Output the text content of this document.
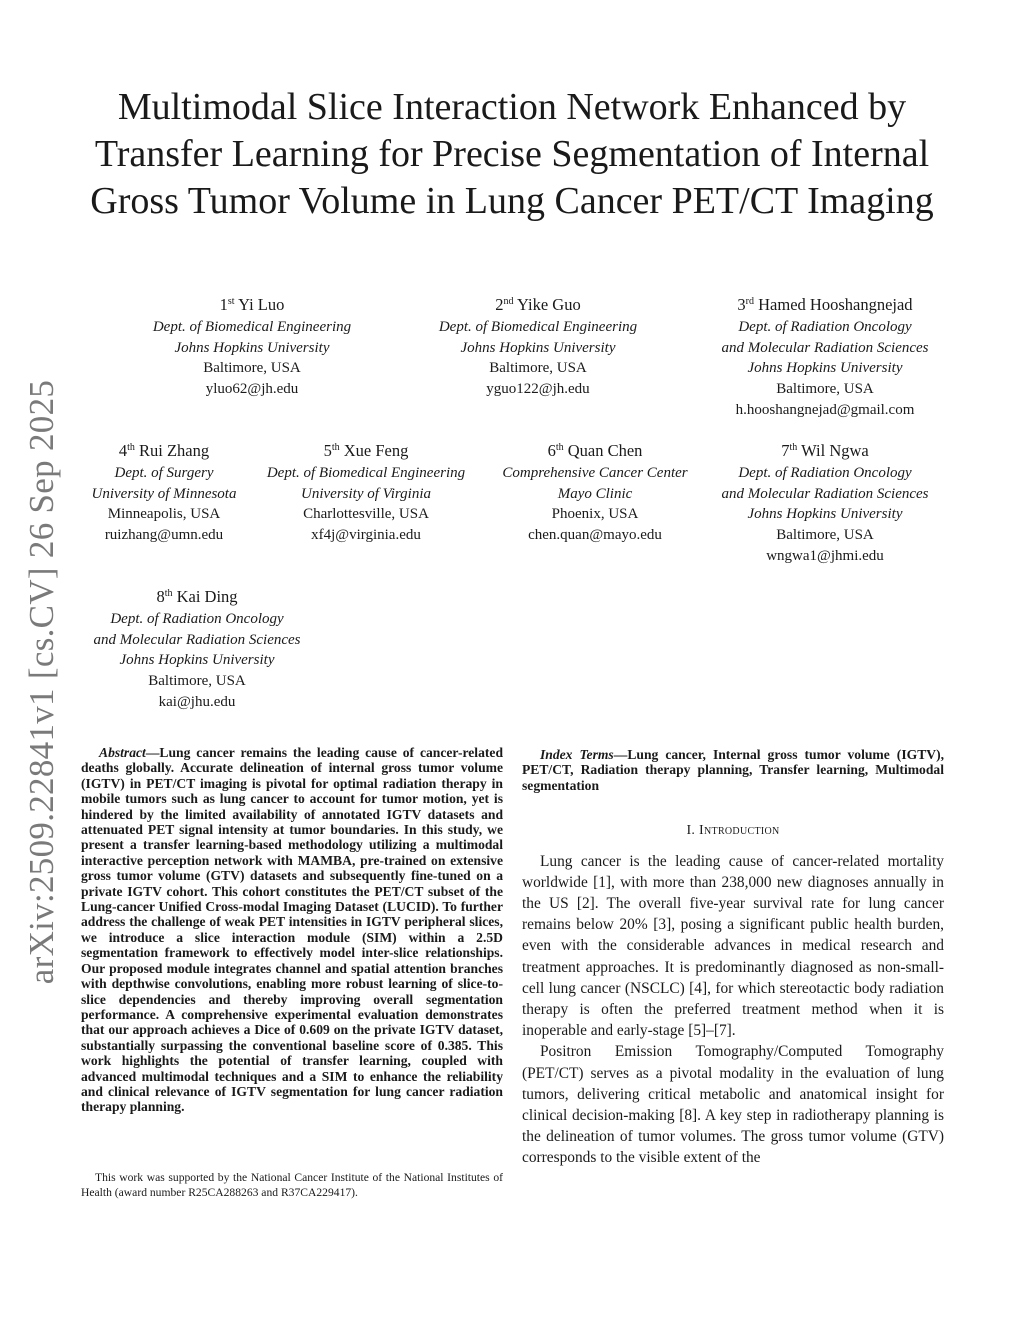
arXiv:2509.22841v1 [cs.CV] 26 Sep 2025
Multimodal Slice Interaction Network Enhanced by Transfer Learning for Precise Segmentation of Internal Gross Tumor Volume in Lung Cancer PET/CT Imaging
1st Yi Luo
Dept. of Biomedical Engineering
Johns Hopkins University
Baltimore, USA
yluo62@jh.edu
2nd Yike Guo
Dept. of Biomedical Engineering
Johns Hopkins University
Baltimore, USA
yguo122@jh.edu
3rd Hamed Hooshangnejad
Dept. of Radiation Oncology
and Molecular Radiation Sciences
Johns Hopkins University
Baltimore, USA
h.hooshangnejad@gmail.com
4th Rui Zhang
Dept. of Surgery
University of Minnesota
Minneapolis, USA
ruizhang@umn.edu
5th Xue Feng
Dept. of Biomedical Engineering
University of Virginia
Charlottesville, USA
xf4j@virginia.edu
6th Quan Chen
Comprehensive Cancer Center
Mayo Clinic
Phoenix, USA
chen.quan@mayo.edu
7th Wil Ngwa
Dept. of Radiation Oncology
and Molecular Radiation Sciences
Johns Hopkins University
Baltimore, USA
wngwa1@jhmi.edu
8th Kai Ding
Dept. of Radiation Oncology
and Molecular Radiation Sciences
Johns Hopkins University
Baltimore, USA
kai@jhu.edu

Abstract—Lung cancer remains the leading cause of cancer-related deaths globally. Accurate delineation of internal gross tumor volume (IGTV) in PET/CT imaging is pivotal for optimal radiation therapy in mobile tumors such as lung cancer to account for tumor motion, yet is hindered by the limited availability of annotated IGTV datasets and attenuated PET signal intensity at tumor boundaries. In this study, we present a transfer learning-based methodology utilizing a multimodal interactive perception network with MAMBA, pre-trained on extensive gross tumor volume (GTV) datasets and subsequently fine-tuned on a private IGTV cohort. This cohort constitutes the PET/CT subset of the Lung-cancer Unified Cross-modal Imaging Dataset (LUCID). To further address the challenge of weak PET intensities in IGTV peripheral slices, we introduce a slice interaction module (SIM) within a 2.5D segmentation framework to effectively model inter-slice relationships. Our proposed module integrates channel and spatial attention branches with depthwise convolutions, enabling more robust learning of slice-to-slice dependencies and thereby improving overall segmentation performance. A comprehensive experimental evaluation demonstrates that our approach achieves a Dice of 0.609 on the private IGTV dataset, substantially surpassing the conventional baseline score of 0.385. This work highlights the potential of transfer learning, coupled with advanced multimodal techniques and a SIM to enhance the reliability and clinical relevance of IGTV segmentation for lung cancer radiation therapy planning.

Index Terms—Lung cancer, Internal gross tumor volume (IGTV), PET/CT, Radiation therapy planning, Transfer learning, Multimodal segmentation

I. Introduction

Lung cancer is the leading cause of cancer-related mortality worldwide [1], with more than 238,000 new diagnoses annually in the US [2]. The overall five-year survival rate for lung cancer remains below 20% [3], posing a significant public health burden, even with the considerable advances in medical research and treatment approaches. It is predominantly diagnosed as non-small-cell lung cancer (NSCLC) [4], for which stereotactic body radiation therapy is often the preferred treatment method when it is inoperable and early-stage [5]–[7].

Positron Emission Tomography/Computed Tomography (PET/CT) serves as a pivotal modality in the evaluation of lung tumors, delivering critical metabolic and anatomical insight for clinical decision-making [8]. A key step in radiotherapy planning is the delineation of tumor volumes. The gross tumor volume (GTV) corresponds to the visible extent of the

This work was supported by the National Cancer Institute of the National Institutes of Health (award number R25CA288263 and R37CA229417).
